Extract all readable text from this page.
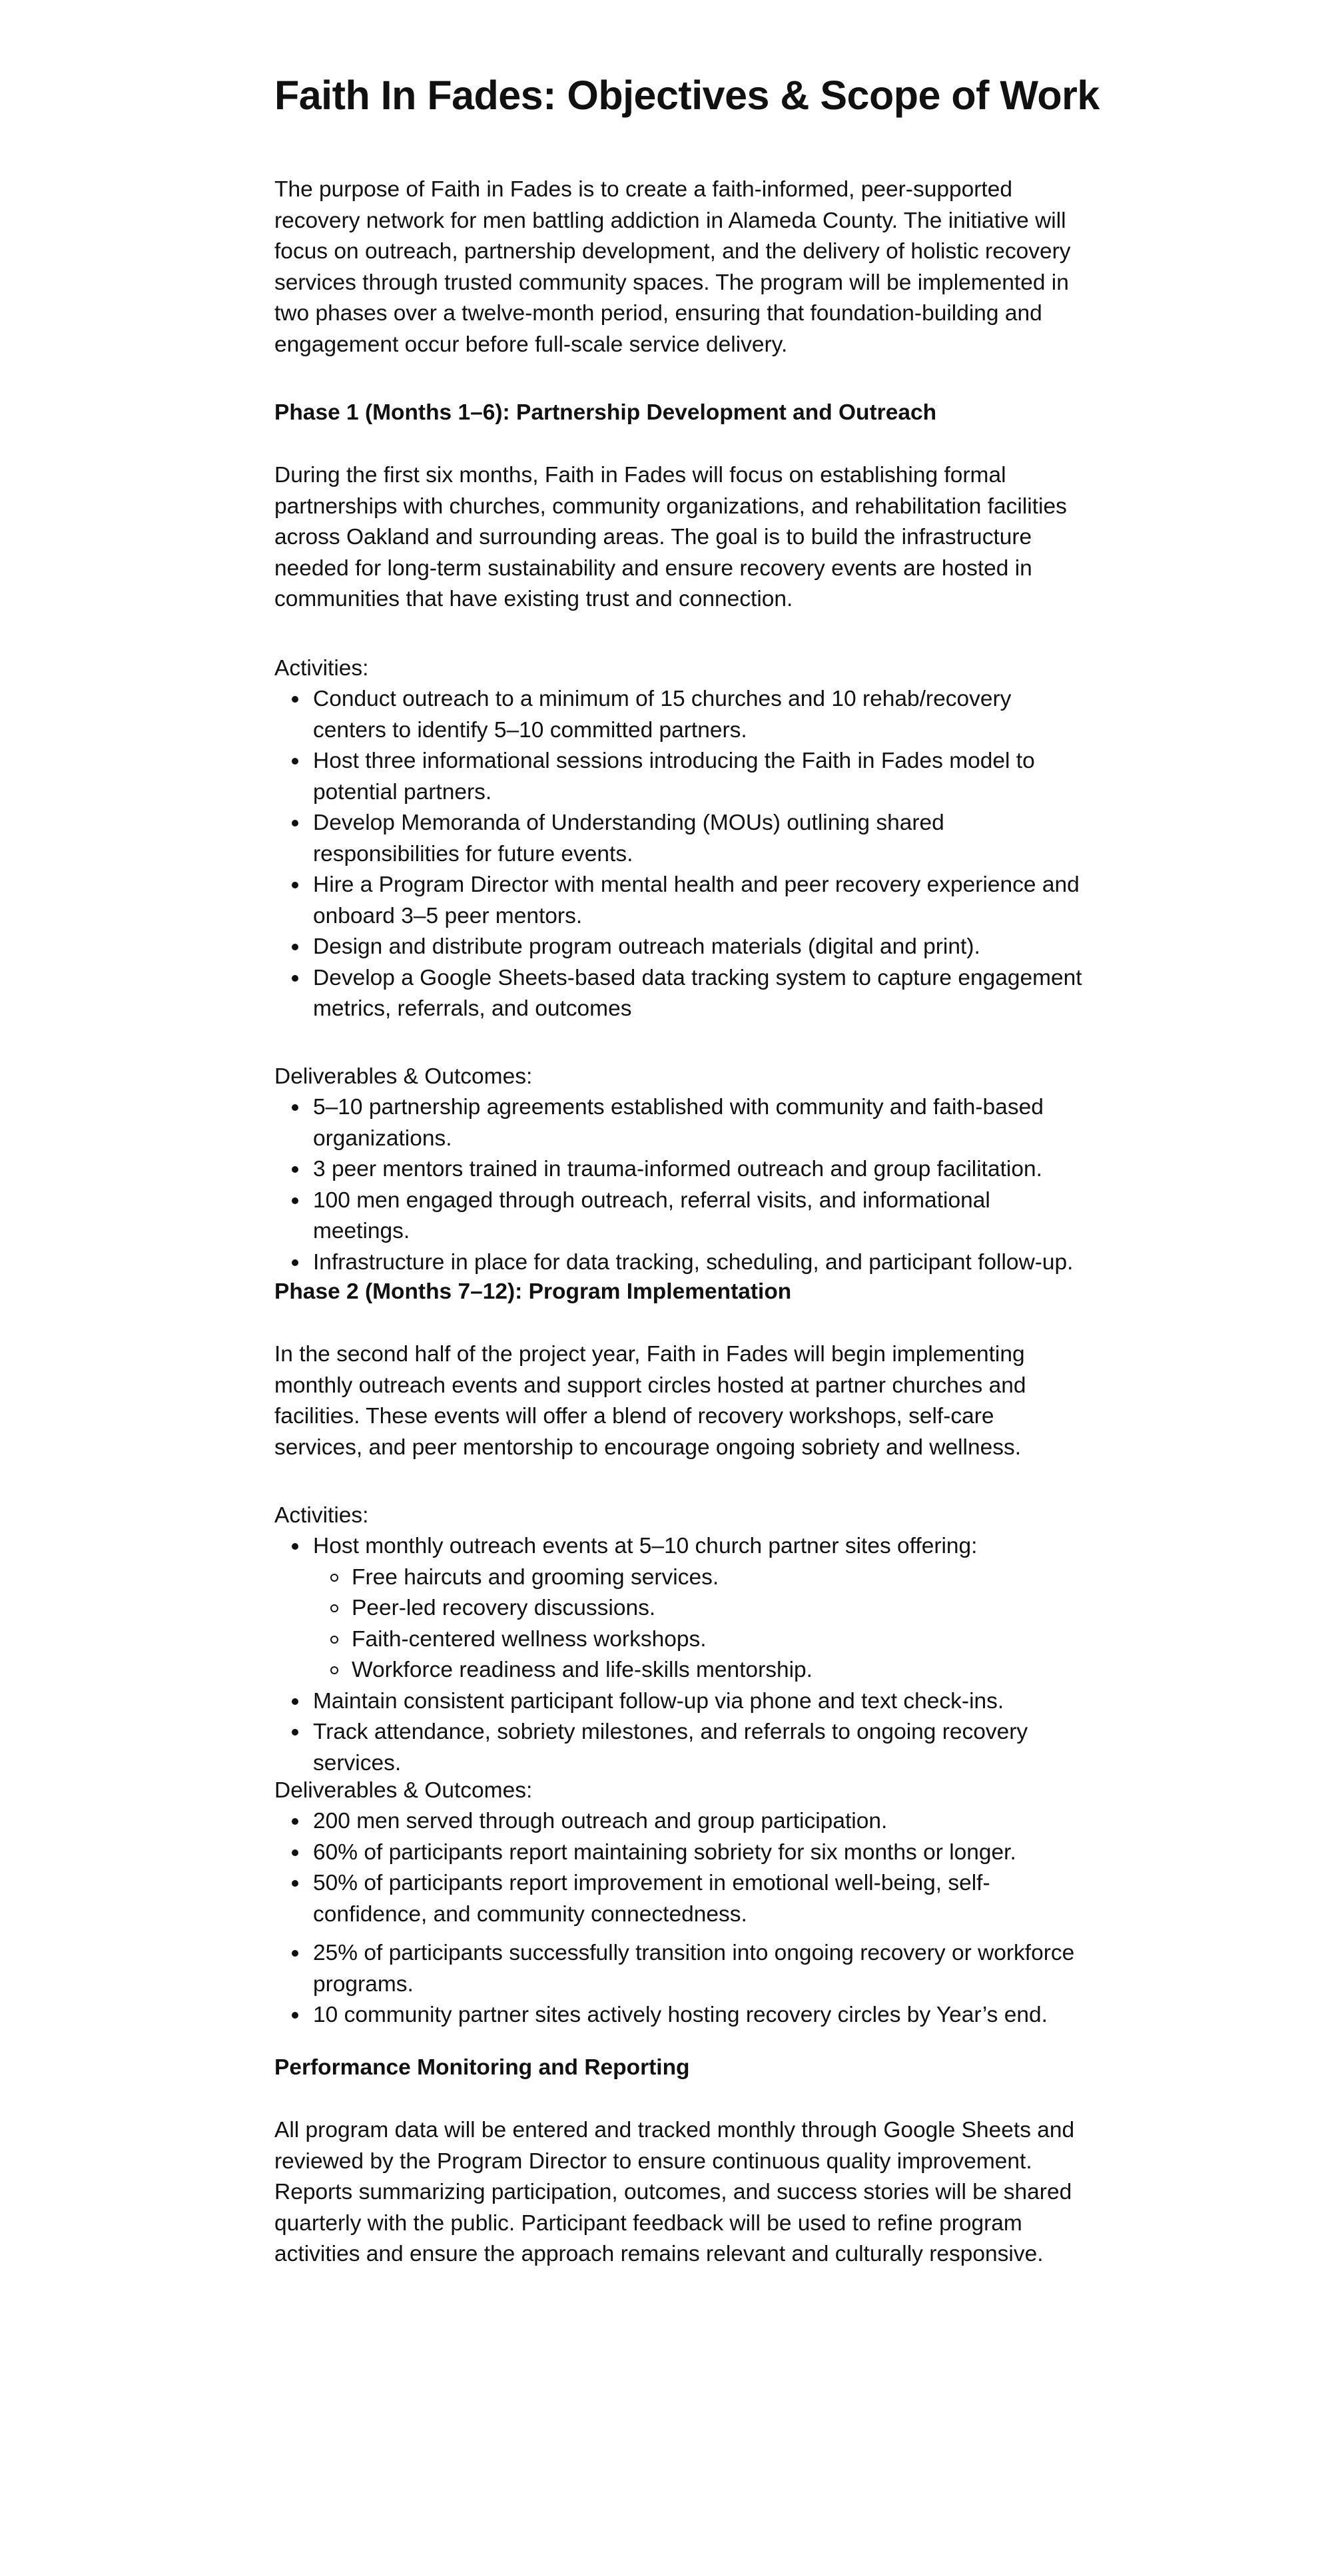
Faith In Fades: Objectives & Scope of Work

The purpose of Faith in Fades is to create a faith-informed, peer-supported recovery network for men battling addiction in Alameda County. The initiative will focus on outreach, partnership development, and the delivery of holistic recovery services through trusted community spaces. The program will be implemented in two phases over a twelve-month period, ensuring that foundation-building and engagement occur before full-scale service delivery.

Phase 1 (Months 1–6): Partnership Development and Outreach

During the first six months, Faith in Fades will focus on establishing formal partnerships with churches, community organizations, and rehabilitation facilities across Oakland and surrounding areas. The goal is to build the infrastructure needed for long-term sustainability and ensure recovery events are hosted in communities that have existing trust and connection.

Activities:

Conduct outreach to a minimum of 15 churches and 10 rehab/recovery centers to identify 5–10 committed partners.
Host three informational sessions introducing the Faith in Fades model to potential partners.
Develop Memoranda of Understanding (MOUs) outlining shared responsibilities for future events.
Hire a Program Director with mental health and peer recovery experience and onboard 3–5 peer mentors.
Design and distribute program outreach materials (digital and print).
Develop a Google Sheets-based data tracking system to capture engagement metrics, referrals, and outcomes

Deliverables & Outcomes:

5–10 partnership agreements established with community and faith-based organizations.
3 peer mentors trained in trauma-informed outreach and group facilitation.
100 men engaged through outreach, referral visits, and informational meetings.
Infrastructure in place for data tracking, scheduling, and participant follow-up.
Phase 2 (Months 7–12): Program Implementation

In the second half of the project year, Faith in Fades will begin implementing monthly outreach events and support circles hosted at partner churches and facilities. These events will offer a blend of recovery workshops, self-care services, and peer mentorship to encourage ongoing sobriety and wellness.

Activities:

Host monthly outreach events at 5–10 church partner sites offering:
Free haircuts and grooming services.
Peer-led recovery discussions.
Faith-centered wellness workshops.
Workforce readiness and life-skills mentorship.
Maintain consistent participant follow-up via phone and text check-ins.
Track attendance, sobriety milestones, and referrals to ongoing recovery services.

Deliverables & Outcomes:

200 men served through outreach and group participation.
60% of participants report maintaining sobriety for six months or longer.
50% of participants report improvement in emotional well-being, self-confidence, and community connectedness.
25% of participants successfully transition into ongoing recovery or workforce programs.
10 community partner sites actively hosting recovery circles by Year’s end.
Performance Monitoring and Reporting

All program data will be entered and tracked monthly through Google Sheets and reviewed by the Program Director to ensure continuous quality improvement. Reports summarizing participation, outcomes, and success stories will be shared quarterly with the public. Participant feedback will be used to refine program activities and ensure the approach remains relevant and culturally responsive.
